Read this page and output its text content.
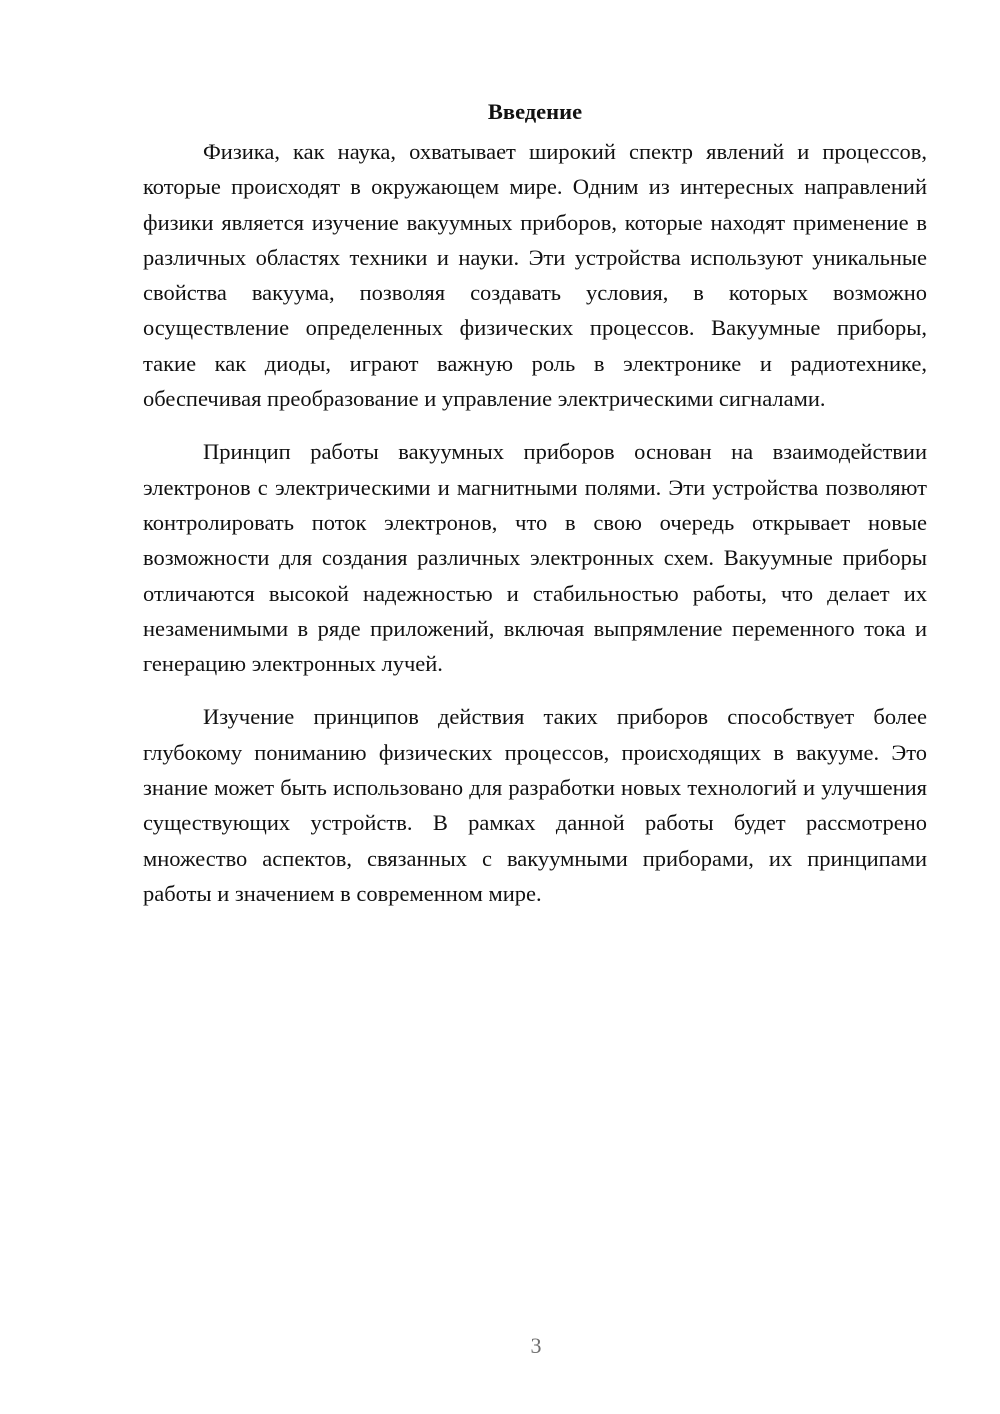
Введение

Физика, как наука, охватывает широкий спектр явлений и процессов, которые происходят в окружающем мире. Одним из интересных направлений физики является изучение вакуумных приборов, которые находят применение в различных областях техники и науки. Эти устройства используют уникальные свойства вакуума, позволяя создавать условия, в которых возможно осуществление определенных физических процессов. Вакуумные приборы, такие как диоды, играют важную роль в электронике и радиотехнике, обеспечивая преобразование и управление электрическими сигналами.

Принцип работы вакуумных приборов основан на взаимодействии электронов с электрическими и магнитными полями. Эти устройства позволяют контролировать поток электронов, что в свою очередь открывает новые возможности для создания различных электронных схем. Вакуумные приборы отличаются высокой надежностью и стабильностью работы, что делает их незаменимыми в ряде приложений, включая выпрямление переменного тока и генерацию электронных лучей.

Изучение принципов действия таких приборов способствует более глубокому пониманию физических процессов, происходящих в вакууме. Это знание может быть использовано для разработки новых технологий и улучшения существующих устройств. В рамках данной работы будет рассмотрено множество аспектов, связанных с вакуумными приборами, их принципами работы и значением в современном мире.

3
